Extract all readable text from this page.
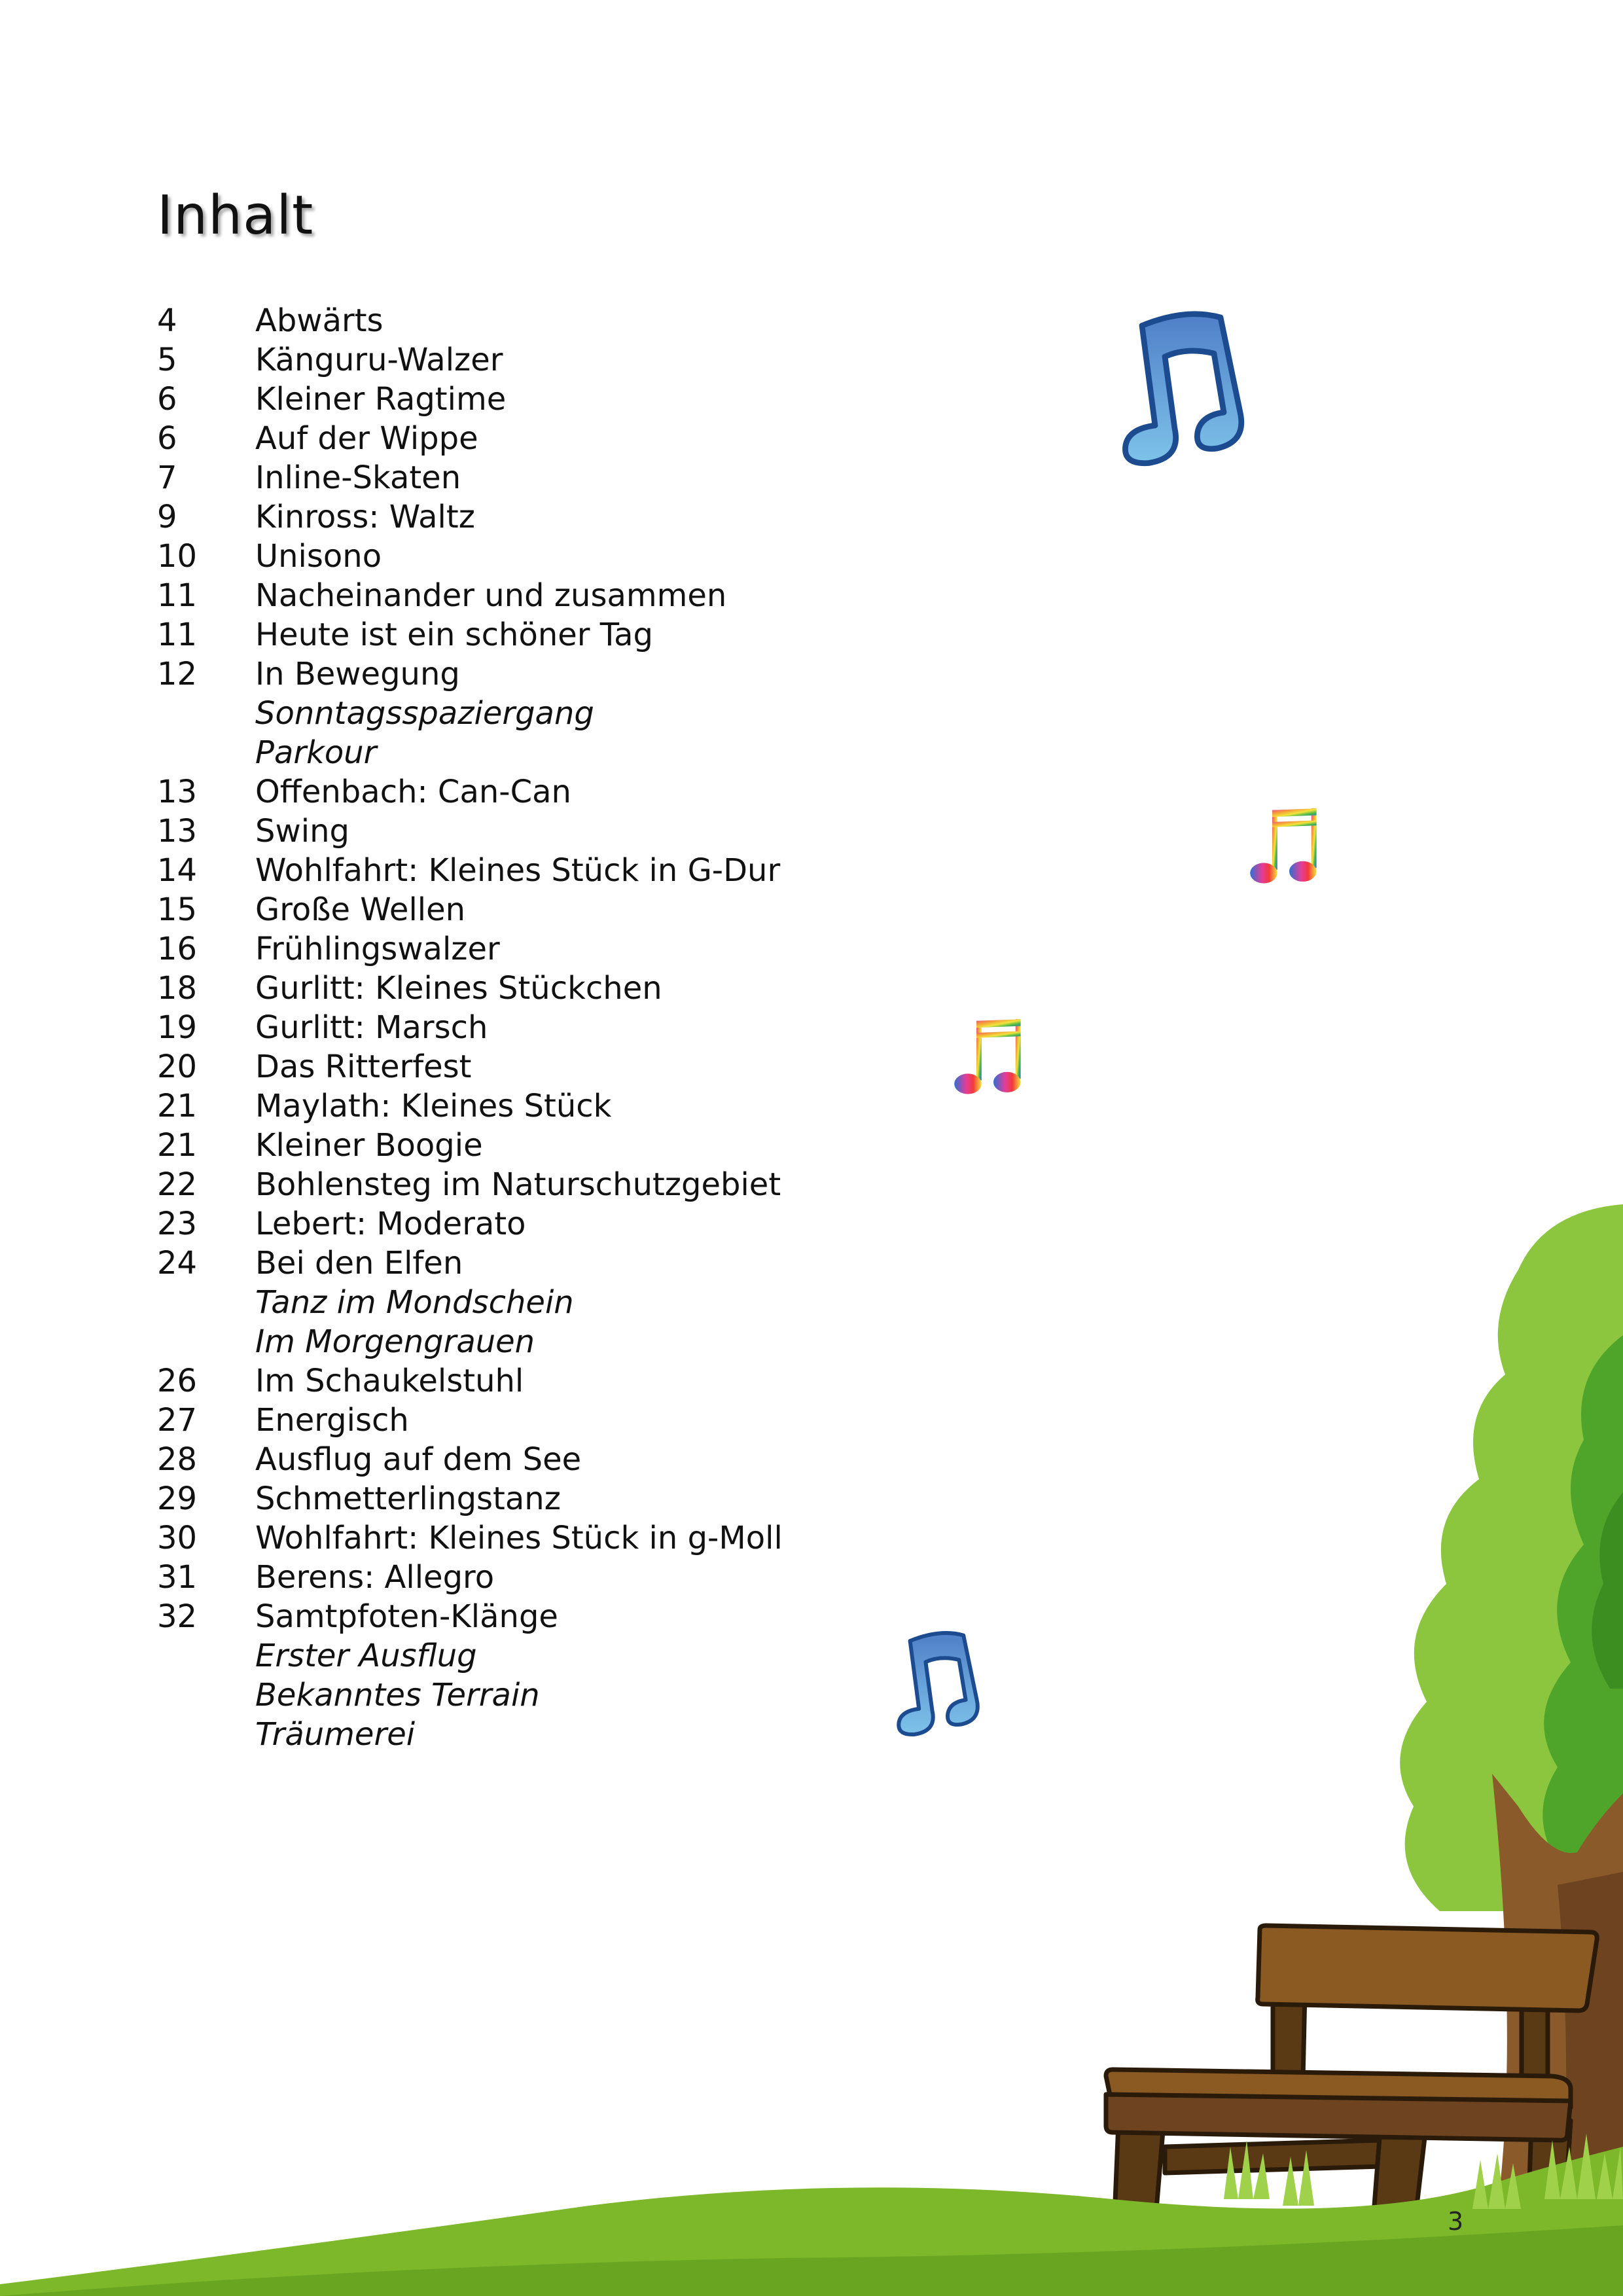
Inhalt
4	Abwärts
5	Känguru-Walzer
6	Kleiner Ragtime
6	Auf der Wippe
7	Inline-Skaten
9	Kinross: Waltz
10	Unisono
11	Nacheinander und zusammen
11	Heute ist ein schöner Tag
12	In Bewegung
Sonntagsspaziergang
Parkour
13	Offenbach: Can-Can
13	Swing
14	Wohlfahrt: Kleines Stück in G-Dur
15	Große Wellen
16	Frühlingswalzer
18	Gurlitt: Kleines Stückchen
19	Gurlitt: Marsch
20	Das Ritterfest
21	Maylath: Kleines Stück
21	Kleiner Boogie
22	Bohlensteg im Naturschutzgebiet
23	Lebert: Moderato
24	Bei den Elfen
Tanz im Mondschein
Im Morgengrauen
26	Im Schaukelstuhl
27	Energisch
28	Ausflug auf dem See
29	Schmetterlingstanz
30	Wohlfahrt: Kleines Stück in g-Moll
31	Berens: Allegro
32	Samtpfoten-Klänge
Erster Ausflug
Bekanntes Terrain
Träumerei
3
